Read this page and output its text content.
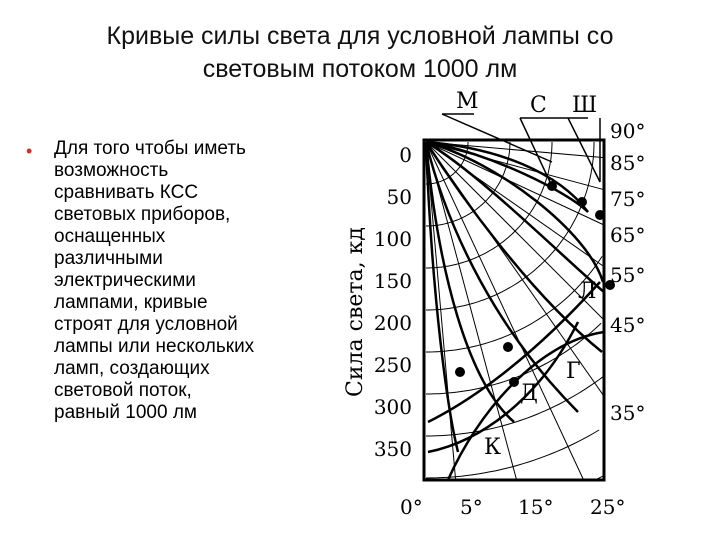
Кривые силы света для условной лампы со
световым потоком 1000 лм
• Для того чтобы иметь
возможность
сравнивать КСС
световых приборов,
оснащенных
различными
электрическими
лампами, кривые
строят для условной
лампы или нескольких
ламп, создающих
световой поток,
равный 1000 лм
Сила света, кд
0
50
100
150
200
250
300
350
90°
85°
75°
65°
55°
45°
35°
0° 5° 15° 25°
М С Ш
Л
Г
Д
К
